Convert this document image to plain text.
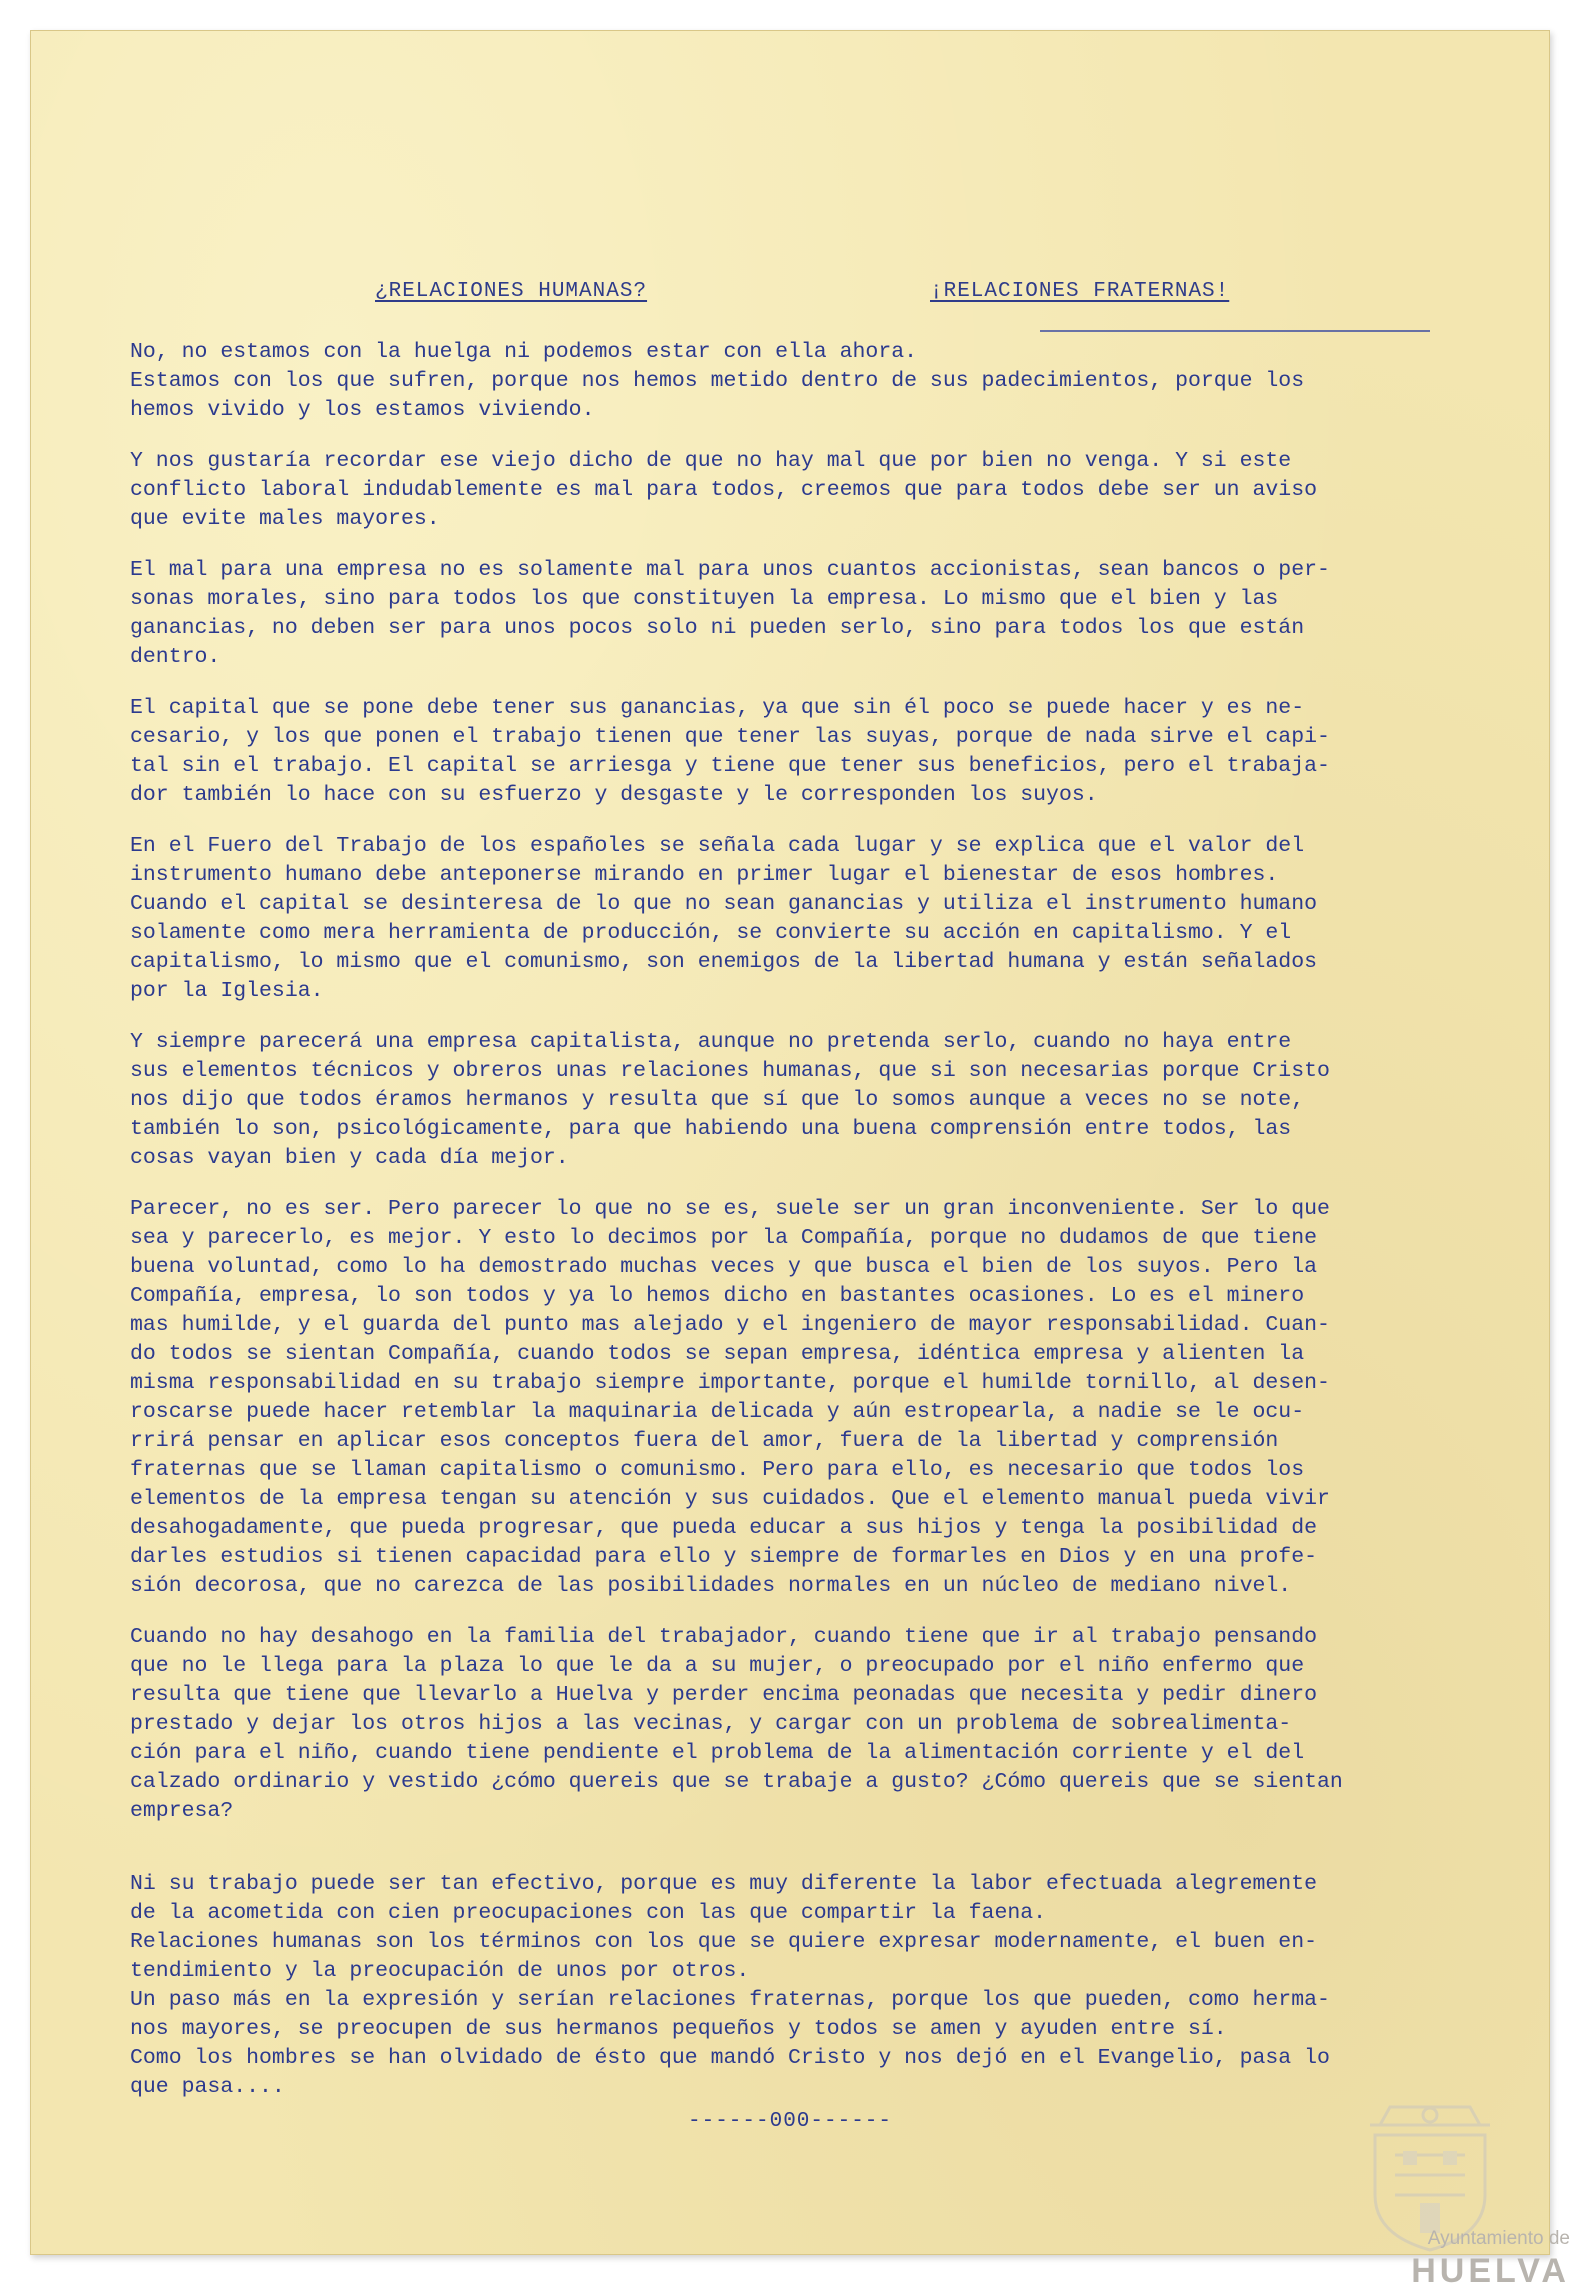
¿RELACIONES HUMANAS?	¡RELACIONES FRATERNAS!
No, no estamos con la huelga ni podemos estar con ella ahora.
Estamos con los que sufren, porque nos hemos metido dentro de sus padecimientos, porque los
hemos vivido y los estamos viviendo.
Y nos gustaría recordar ese viejo dicho de que no hay mal que por bien no venga. Y si este
conflicto laboral indudablemente es mal para todos, creemos que para todos debe ser un aviso
que evite males mayores.
El mal para una empresa no es solamente mal para unos cuantos accionistas, sean bancos o per-
sonas morales, sino para todos los que constituyen la empresa. Lo mismo que el bien y las
ganancias, no deben ser para unos pocos solo ni pueden serlo, sino para todos los que están
dentro.
El capital que se pone debe tener sus ganancias, ya que sin él poco se puede hacer y es ne-
cesario, y los que ponen el trabajo tienen que tener las suyas, porque de nada sirve el capi-
tal sin el trabajo. El capital se arriesga y tiene que tener sus beneficios, pero el trabaja-
dor también lo hace con su esfuerzo y desgaste y le corresponden los suyos.
En el Fuero del Trabajo de los españoles se señala cada lugar y se explica que el valor del
instrumento humano debe anteponerse mirando en primer lugar el bienestar de esos hombres.
Cuando el capital se desinteresa de lo que no sean ganancias y utiliza el instrumento humano
solamente como mera herramienta de producción, se convierte su acción en capitalismo. Y el
capitalismo, lo mismo que el comunismo, son enemigos de la libertad humana y están señalados
por la Iglesia.
Y siempre parecerá una empresa capitalista, aunque no pretenda serlo, cuando no haya entre
sus elementos técnicos y obreros unas relaciones humanas, que si son necesarias porque Cristo
nos dijo que todos éramos hermanos y resulta que sí que lo somos aunque a veces no se note,
también lo son, psicológicamente, para que habiendo una buena comprensión entre todos, las
cosas vayan bien y cada día mejor.
Parecer, no es ser. Pero parecer lo que no se es, suele ser un gran inconveniente. Ser lo que
sea y parecerlo, es mejor. Y esto lo decimos por la Compañía, porque no dudamos de que tiene
buena voluntad, como lo ha demostrado muchas veces y que busca el bien de los suyos. Pero la
Compañía, empresa, lo son todos y ya lo hemos dicho en bastantes ocasiones. Lo es el minero
mas humilde, y el guarda del punto mas alejado y el ingeniero de mayor responsabilidad. Cuan-
do todos se sientan Compañía, cuando todos se sepan empresa, idéntica empresa y alienten la
misma responsabilidad en su trabajo siempre importante, porque el humilde tornillo, al desen-
roscarse puede hacer retemblar la maquinaria delicada y aún estropearla, a nadie se le ocu-
rrirá pensar en aplicar esos conceptos fuera del amor, fuera de la libertad y comprensión
fraternas que se llaman capitalismo o comunismo. Pero para ello, es necesario que todos los
elementos de la empresa tengan su atención y sus cuidados. Que el elemento manual pueda vivir
desahogadamente, que pueda progresar, que pueda educar a sus hijos y tenga la posibilidad de
darles estudios si tienen capacidad para ello y siempre de formarles en Dios y en una profe-
sión decorosa, que no carezca de las posibilidades normales en un núcleo de mediano nivel.
Cuando no hay desahogo en la familia del trabajador, cuando tiene que ir al trabajo pensando
que no le llega para la plaza lo que le da a su mujer, o preocupado por el niño enfermo que
resulta que tiene que llevarlo a Huelva y perder encima peonadas que necesita y pedir dinero
prestado y dejar los otros hijos a las vecinas, y cargar con un problema de sobrealimenta-
ción para el niño, cuando tiene pendiente el problema de la alimentación corriente y el del
calzado ordinario y vestido ¿cómo quereis que se trabaje a gusto? ¿Cómo quereis que se sientan
empresa?
Ni su trabajo puede ser tan efectivo, porque es muy diferente la labor efectuada alegremente
de la acometida con cien preocupaciones con las que compartir la faena.
Relaciones humanas son los términos con los que se quiere expresar modernamente, el buen en-
tendimiento y la preocupación de unos por otros.
Un paso más en la expresión y serían relaciones fraternas, porque los que pueden, como herma-
nos mayores, se preocupen de sus hermanos pequeños y todos se amen y ayuden entre sí.
Como los hombres se han olvidado de ésto que mandó Cristo y nos dejó en el Evangelio, pasa lo
que pasa....
------000------
Ayuntamiento de
HUELVA
